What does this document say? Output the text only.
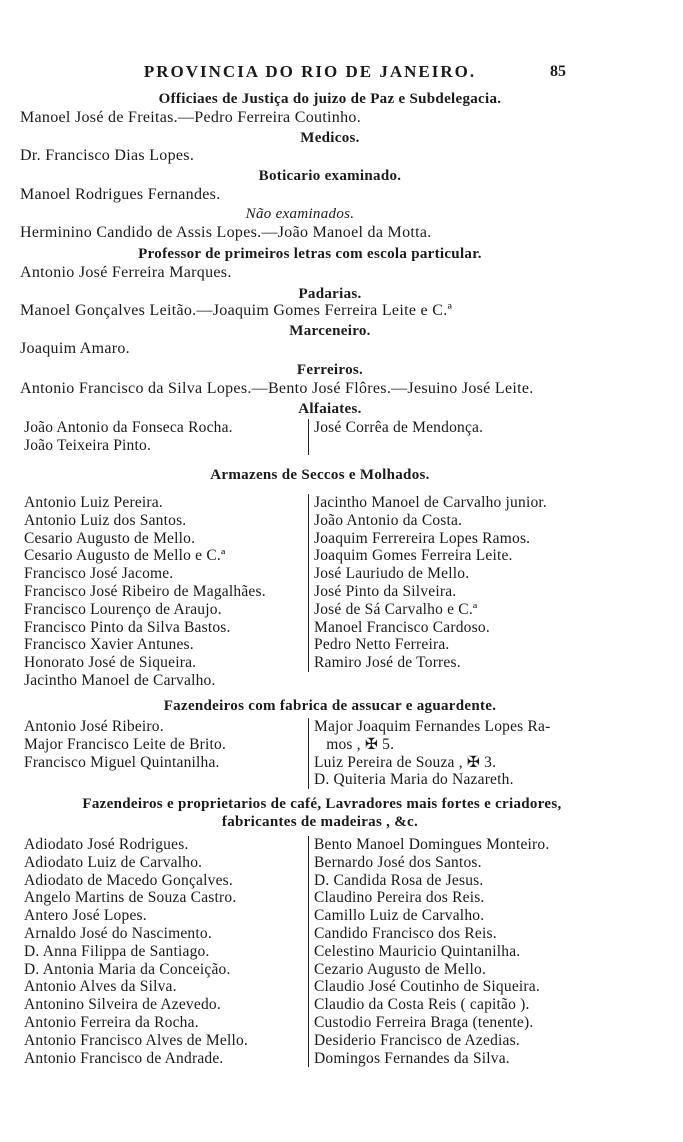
PROVINCIA DO RIO DE JANEIRO.	85
Officiaes de Justiça do juizo de Paz e Subdelegacia.
Manoel José de Freitas.—Pedro Ferreira Coutinho.
Medicos.
Dr. Francisco Dias Lopes.
Boticario examinado.
Manoel Rodrigues Fernandes.
Não examinados.
Herminino Candido de Assis Lopes.—João Manoel da Motta.
Professor de primeiros letras com escola particular.
Antonio José Ferreira Marques.
Padarias.
Manoel Gonçalves Leitão.—Joaquim Gomes Ferreira Leite e C.ª
Marceneiro.
Joaquim Amaro.
Ferreiros.
Antonio Francisco da Silva Lopes.—Bento José Flôres.—Jesuino José Leite.
Alfaiates.
João Antonio da Fonseca Rocha.
João Teixeira Pinto.
José Corrêa de Mendonça.
Armazens de Seccos e Molhados.
Antonio Luiz Pereira.
Antonio Luiz dos Santos.
Cesario Augusto de Mello.
Cesario Augusto de Mello e C.ª
Francisco José Jacome.
Francisco José Ribeiro de Magalhães.
Francisco Lourenço de Araujo.
Francisco Pinto da Silva Bastos.
Francisco Xavier Antunes.
Honorato José de Siqueira.
Jacintho Manoel de Carvalho.
Jacintho Manoel de Carvalho junior.
João Antonio da Costa.
Joaquim Ferrereira Lopes Ramos.
Joaquim Gomes Ferreira Leite.
José Lauriudo de Mello.
José Pinto da Silveira.
José de Sá Carvalho e C.ª
Manoel Francisco Cardoso.
Pedro Netto Ferreira.
Ramiro José de Torres.
Fazendeiros com fabrica de assucar e aguardente.
Antonio José Ribeiro.
Major Francisco Leite de Brito.
Francisco Miguel Quintanilha.
Major Joaquim Fernandes Lopes Ra-
mos , ✠ 5.
Luiz Pereira de Souza , ✠ 3.
D. Quiteria Maria do Nazareth.
Fazendeiros e proprietarios de café, Lavradores mais fortes e criadores,
fabricantes de madeiras , &c.
Adiodato José Rodrigues.
Adiodato Luiz de Carvalho.
Adiodato de Macedo Gonçalves.
Angelo Martins de Souza Castro.
Antero José Lopes.
Arnaldo José do Nascimento.
D. Anna Filippa de Santiago.
D. Antonia Maria da Conceição.
Antonio Alves da Silva.
Antonino Silveira de Azevedo.
Antonio Ferreira da Rocha.
Antonio Francisco Alves de Mello.
Antonio Francisco de Andrade.
Bento Manoel Domingues Monteiro.
Bernardo José dos Santos.
D. Candida Rosa de Jesus.
Claudino Pereira dos Reis.
Camillo Luiz de Carvalho.
Candido Francisco dos Reis.
Celestino Mauricio Quintanilha.
Cezario Augusto de Mello.
Claudio José Coutinho de Siqueira.
Claudio da Costa Reis ( capitão ).
Custodio Ferreira Braga (tenente).
Desiderio Francisco de Azedias.
Domingos Fernandes da Silva.
